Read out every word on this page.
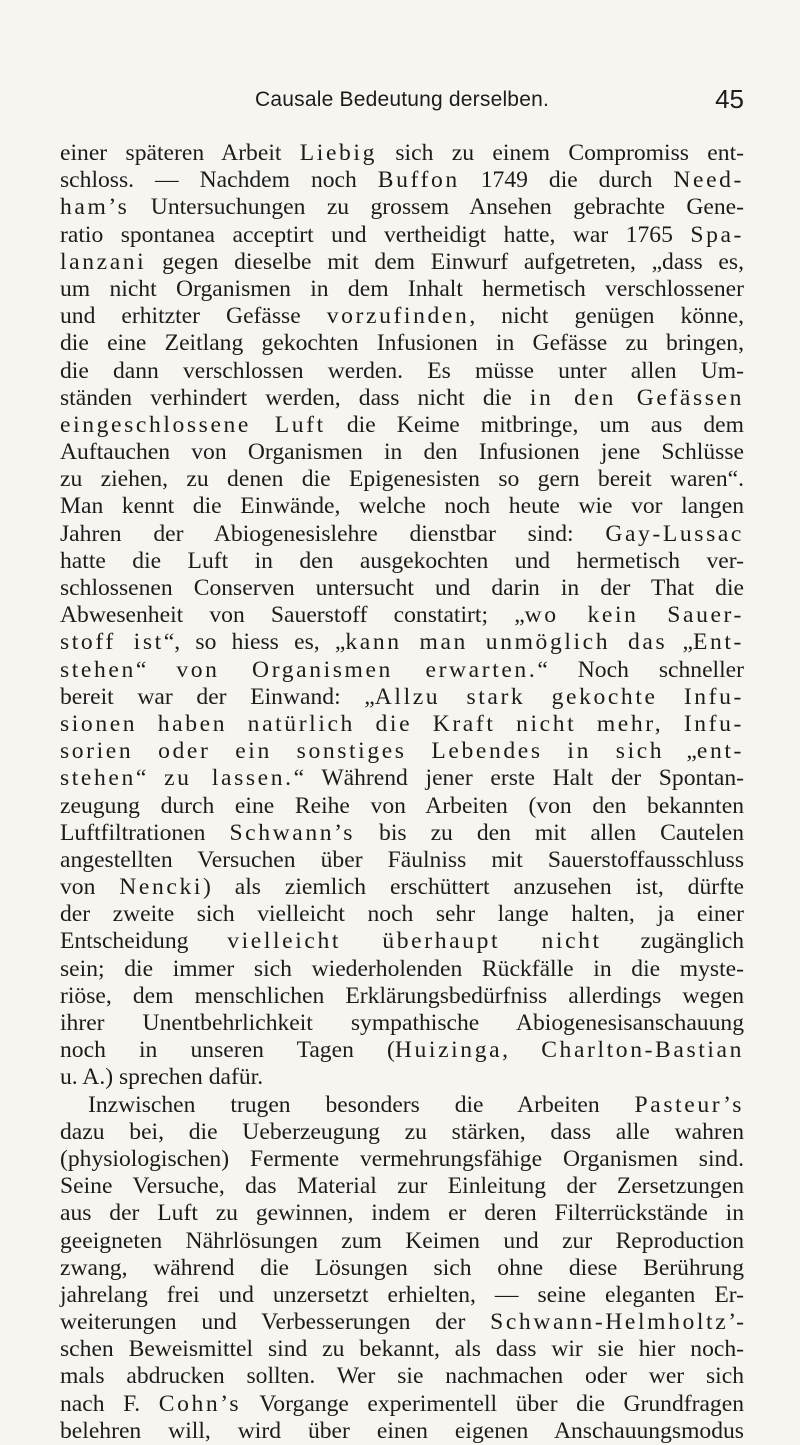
Causale Bedeutung derselben.	45
einer späteren Arbeit Liebig sich zu einem Compromiss ent-
schloss. — Nachdem noch Buffon 1749 die durch Need-
ham’s Untersuchungen zu grossem Ansehen gebrachte Gene-
ratio spontanea acceptirt und vertheidigt hatte, war 1765 Spa-
lanzani gegen dieselbe mit dem Einwurf aufgetreten, „dass es,
um nicht Organismen in dem Inhalt hermetisch verschlossener
und erhitzter Gefässe vorzufinden, nicht genügen könne,
die eine Zeitlang gekochten Infusionen in Gefässe zu bringen,
die dann verschlossen werden. Es müsse unter allen Um-
ständen verhindert werden, dass nicht die in den Gefässen
eingeschlossene Luft die Keime mitbringe, um aus dem
Auftauchen von Organismen in den Infusionen jene Schlüsse
zu ziehen, zu denen die Epigenesisten so gern bereit waren“.
Man kennt die Einwände, welche noch heute wie vor langen
Jahren der Abiogenesislehre dienstbar sind: Gay-Lussac
hatte die Luft in den ausgekochten und hermetisch ver-
schlossenen Conserven untersucht und darin in der That die
Abwesenheit von Sauerstoff constatirt; „wo kein Sauer-
stoff ist“, so hiess es, „kann man unmöglich das „Ent-
stehen“ von Organismen erwarten.“ Noch schneller
bereit war der Einwand: „Allzu stark gekochte Infu-
sionen haben natürlich die Kraft nicht mehr, Infu-
sorien oder ein sonstiges Lebendes in sich „ent-
stehen“ zu lassen.“ Während jener erste Halt der Spontan-
zeugung durch eine Reihe von Arbeiten (von den bekannten
Luftfiltrationen Schwann’s bis zu den mit allen Cautelen
angestellten Versuchen über Fäulniss mit Sauerstoffausschluss
von Nencki) als ziemlich erschüttert anzusehen ist, dürfte
der zweite sich vielleicht noch sehr lange halten, ja einer
Entscheidung vielleicht überhaupt nicht zugänglich
sein; die immer sich wiederholenden Rückfälle in die myste-
riöse, dem menschlichen Erklärungsbedürfniss allerdings wegen
ihrer Unentbehrlichkeit sympathische Abiogenesisanschauung
noch in unseren Tagen (Huizinga, Charlton-Bastian
u. A.) sprechen dafür.
Inzwischen trugen besonders die Arbeiten Pasteur’s
dazu bei, die Ueberzeugung zu stärken, dass alle wahren
(physiologischen) Fermente vermehrungsfähige Organismen sind.
Seine Versuche, das Material zur Einleitung der Zersetzungen
aus der Luft zu gewinnen, indem er deren Filterrückstände in
geeigneten Nährlösungen zum Keimen und zur Reproduction
zwang, während die Lösungen sich ohne diese Berührung
jahrelang frei und unzersetzt erhielten, — seine eleganten Er-
weiterungen und Verbesserungen der Schwann-Helmholtz’-
schen Beweismittel sind zu bekannt, als dass wir sie hier noch-
mals abdrucken sollten. Wer sie nachmachen oder wer sich
nach F. Cohn’s Vorgange experimentell über die Grundfragen
belehren will, wird über einen eigenen Anschauungsmodus
